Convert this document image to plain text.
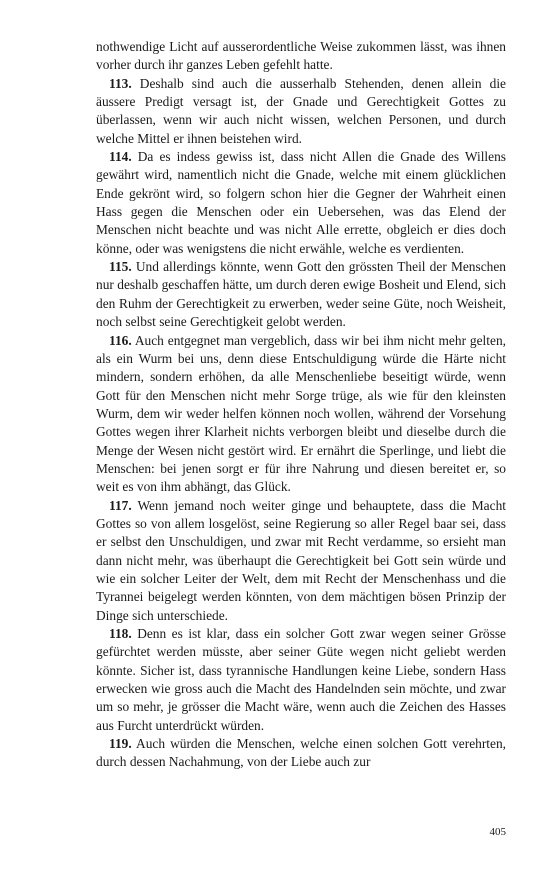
nothwendige Licht auf ausserordentliche Weise zukommen lässt, was ihnen vorher durch ihr ganzes Leben gefehlt hatte.

113. Deshalb sind auch die ausserhalb Stehenden, denen allein die äussere Predigt versagt ist, der Gnade und Gerechtigkeit Gottes zu überlassen, wenn wir auch nicht wissen, welchen Personen, und durch welche Mittel er ihnen beistehen wird.

114. Da es indess gewiss ist, dass nicht Allen die Gnade des Willens gewährt wird, namentlich nicht die Gnade, welche mit einem glücklichen Ende gekrönt wird, so folgern schon hier die Gegner der Wahrheit einen Hass gegen die Menschen oder ein Uebersehen, was das Elend der Menschen nicht beachte und was nicht Alle errette, obgleich er dies doch könne, oder was wenigstens die nicht erwähle, welche es verdienten.

115. Und allerdings könnte, wenn Gott den grössten Theil der Menschen nur deshalb geschaffen hätte, um durch deren ewige Bosheit und Elend, sich den Ruhm der Gerechtigkeit zu erwerben, weder seine Güte, noch Weisheit, noch selbst seine Gerechtigkeit gelobt werden.

116. Auch entgegnet man vergeblich, dass wir bei ihm nicht mehr gelten, als ein Wurm bei uns, denn diese Entschuldigung würde die Härte nicht mindern, sondern erhöhen, da alle Menschenliebe beseitigt würde, wenn Gott für den Menschen nicht mehr Sorge trüge, als wie für den kleinsten Wurm, dem wir weder helfen können noch wollen, während der Vorsehung Gottes wegen ihrer Klarheit nichts verborgen bleibt und dieselbe durch die Menge der Wesen nicht gestört wird. Er ernährt die Sperlinge, und liebt die Menschen: bei jenen sorgt er für ihre Nahrung und diesen bereitet er, so weit es von ihm abhängt, das Glück.

117. Wenn jemand noch weiter ginge und behauptete, dass die Macht Gottes so von allem losgelöst, seine Regierung so aller Regel baar sei, dass er selbst den Unschuldigen, und zwar mit Recht verdamme, so ersieht man dann nicht mehr, was überhaupt die Gerechtigkeit bei Gott sein würde und wie ein solcher Leiter der Welt, dem mit Recht der Menschenhass und die Tyrannei beigelegt werden könnten, von dem mächtigen bösen Prinzip der Dinge sich unterschiede.

118. Denn es ist klar, dass ein solcher Gott zwar wegen seiner Grösse gefürchtet werden müsste, aber seiner Güte wegen nicht geliebt werden könnte. Sicher ist, dass tyrannische Handlungen keine Liebe, sondern Hass erwecken wie gross auch die Macht des Handelnden sein möchte, und zwar um so mehr, je grösser die Macht wäre, wenn auch die Zeichen des Hasses aus Furcht unterdrückt würden.

119. Auch würden die Menschen, welche einen solchen Gott verehrten, durch dessen Nachahmung, von der Liebe auch zur

405
